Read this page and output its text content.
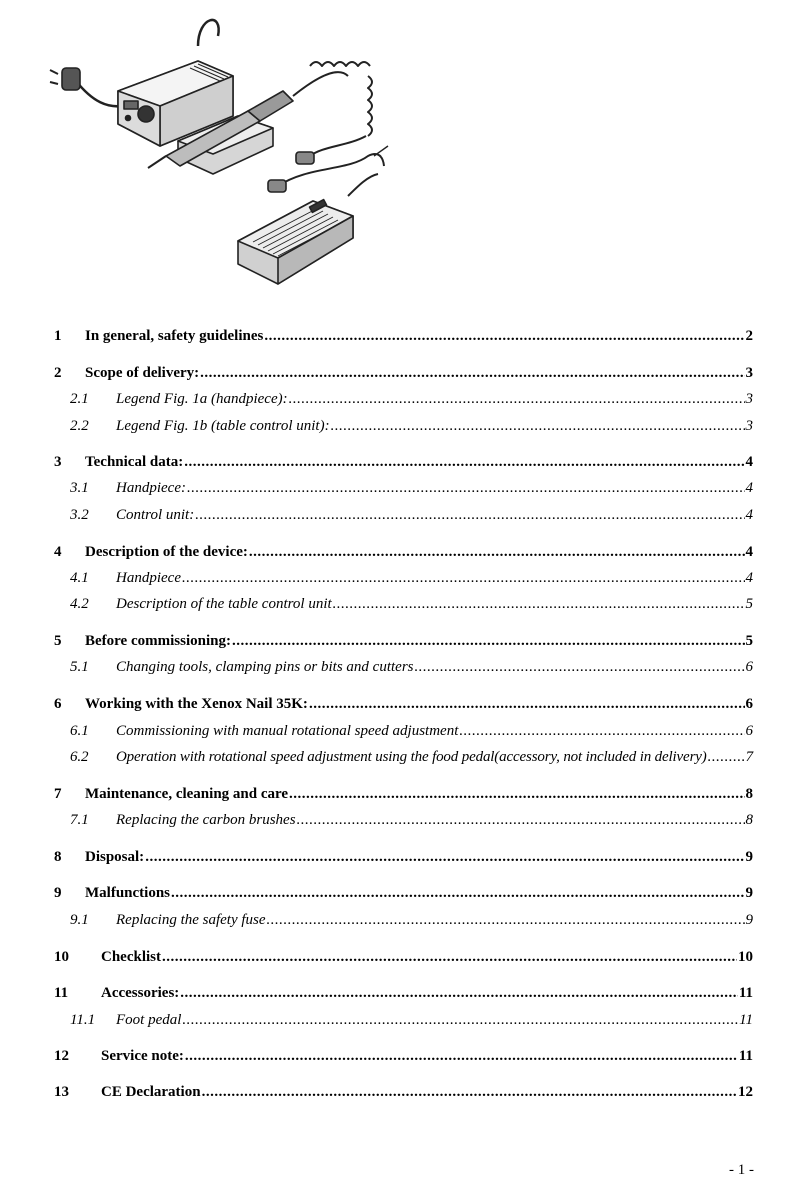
1	In general, safety guidelines .....	2
2	Scope of delivery: .....	3
2.1	Legend Fig. 1a (handpiece): .....	3
2.2	Legend Fig. 1b (table control unit): .....	3
3	Technical data: .....	4
3.1	Handpiece: .....	4
3.2	Control unit: .....	4
4	Description of the device: .....	4
4.1	Handpiece .....	4
4.2	Description of the table control unit .....	5
5	Before commissioning: .....	5
5.1	Changing tools, clamping pins or bits and cutters .....	6
6	Working with the Xenox Nail 35K: .....	6
6.1	Commissioning with manual rotational speed adjustment .....	6
6.2	Operation with rotational speed adjustment using the food pedal(accessory, not included in delivery) .....	7
7	Maintenance, cleaning and care .....	8
7.1	Replacing the carbon brushes .....	8
8	Disposal: .....	9
9	Malfunctions .....	9
9.1	Replacing the safety fuse .....	9
10	Checklist .....	10
11	Accessories: .....	11
11.1	Foot pedal .....	11
12	Service note: .....	11
13	CE Declaration .....	12
- 1 -
